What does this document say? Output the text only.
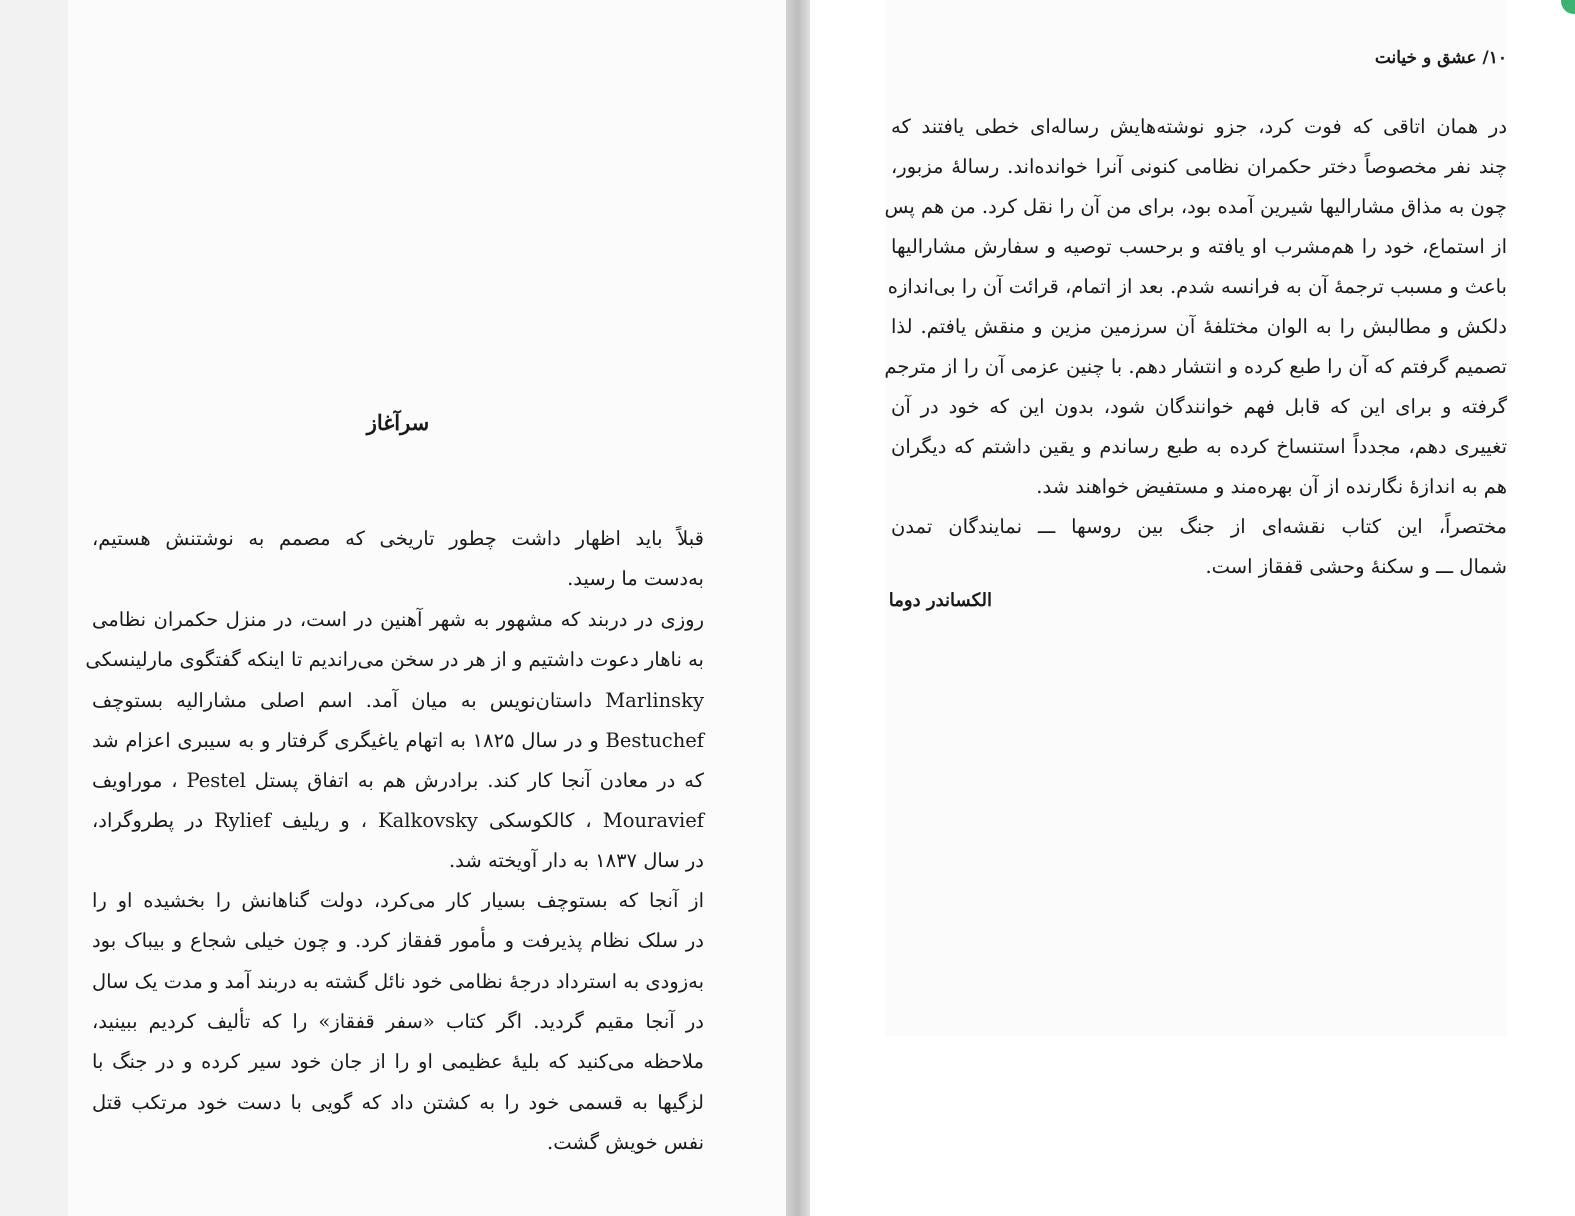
سرآغاز
قبلاً باید اظهار داشت چطور تاریخی که مصمم به نوشتنش هستیم،
به‌دست ما رسید.
روزی در دربند که مشهور به شهر آهنین در است، در منزل حکمران نظامی
به ناهار دعوت داشتیم و از هر در سخن می‌راندیم تا اینکه گفتگوی مارلینسکی
Marlinsky داستان‌نویس به میان آمد. اسم اصلی مشارالیه بستوچف
Bestuchef و در سال ۱۸۲۵ به اتهام یاغیگری گرفتار و به سیبری اعزام شد
که در معادن آنجا کار کند. برادرش هم به اتفاق پستل Pestel ، موراویف
Mouravief ، کالکوسکی Kalkovsky ، و ریلیف Rylief در پطروگراد،
در سال ۱۸۳۷ به دار آویخته شد.
از آنجا که بستوچف بسیار کار می‌کرد، دولت گناهانش را بخشیده او را
در سلک نظام پذیرفت و مأمور قفقاز کرد. و چون خیلی شجاع و بیباک بود
به‌زودی به استرداد درجهٔ نظامی خود نائل گشته به دربند آمد و مدت یک سال
در آنجا مقیم گردید. اگر کتاب «سفر قفقاز» را که تألیف کردیم ببینید،
ملاحظه می‌کنید که بلیهٔ عظیمی او را از جان خود سیر کرده و در جنگ با
لزگیها به قسمی خود را به کشتن داد که گویی با دست خود مرتکب قتل
نفس خویش گشت.
۱۰/ عشق و خیانت
در همان اتاقی که فوت کرد، جزو نوشته‌هایش رساله‌ای خطی یافتند که
چند نفر مخصوصاً دختر حکمران نظامی کنونی آنرا خوانده‌اند. رسالهٔ مزبور،
چون به مذاق مشارالیها شیرین آمده بود، برای من آن را نقل کرد. من هم پس
از استماع، خود را هم‌مشرب او یافته و برحسب توصیه و سفارش مشارالیها
باعث و مسبب ترجمهٔ آن به فرانسه شدم. بعد از اتمام، قرائت آن را بی‌اندازه
دلکش و مطالبش را به الوان مختلفهٔ آن سرزمین مزین و منقش یافتم. لذا
تصمیم گرفتم که آن را طبع کرده و انتشار دهم. با چنین عزمی آن را از مترجم
گرفته و برای این که قابل فهم خوانندگان شود، بدون این که خود در آن
تغییری دهم، مجدداً استنساخ کرده به طبع رساندم و یقین داشتم که دیگران
هم به اندازهٔ نگارنده از آن بهره‌مند و مستفیض خواهند شد.
مختصراً، این کتاب نقشه‌ای از جنگ بین روسها ـــ نمایندگان تمدن
شمال ـــ و سکنهٔ وحشی قفقاز است.
الکساندر دوما
